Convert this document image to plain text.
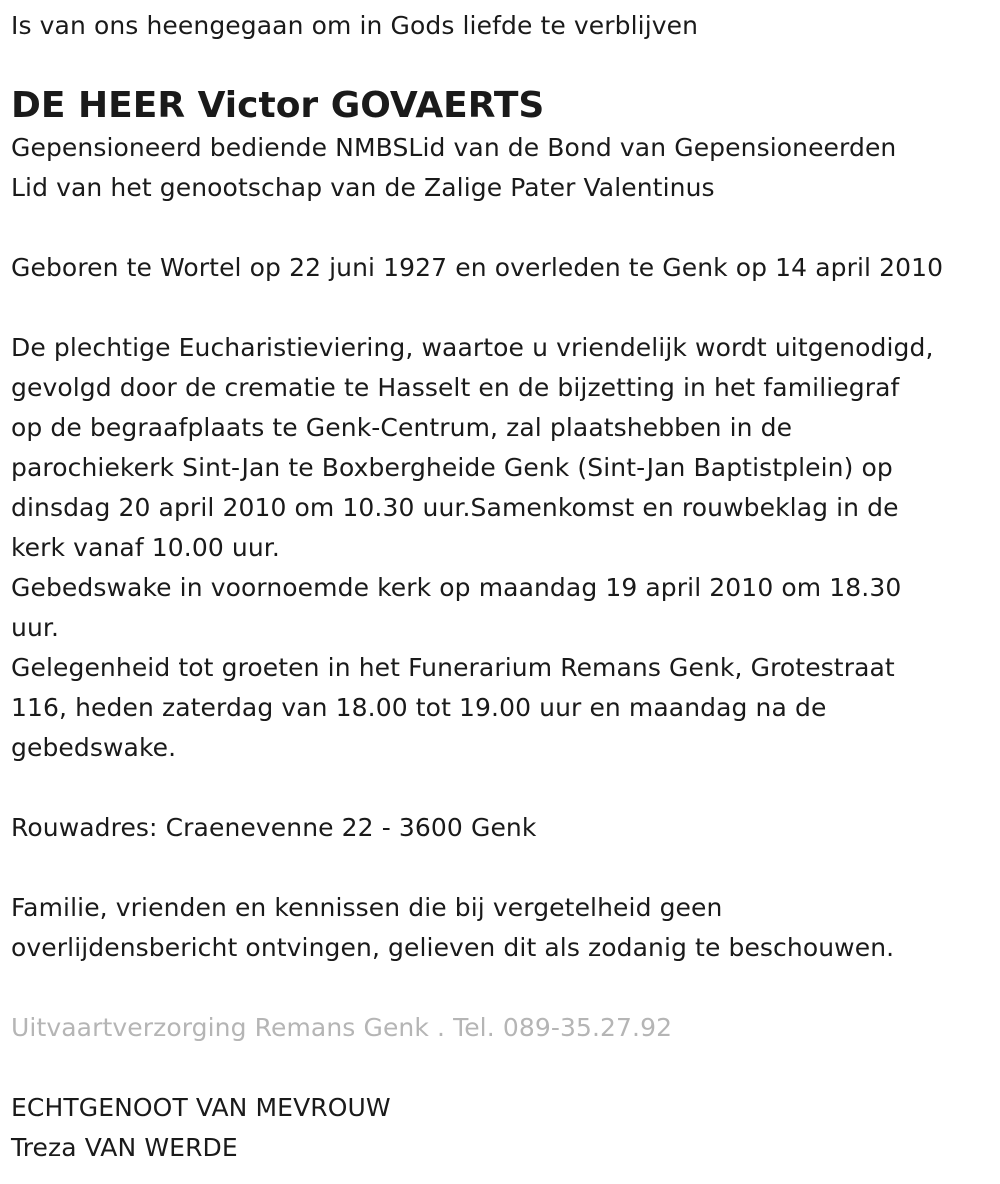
Is van ons heengegaan om in Gods liefde te verblijven

DE HEER Victor GOVAERTS

Gepensioneerd bediende NMBSLid van de Bond van Gepensioneerden

Lid van het genootschap van de Zalige Pater Valentinus

Geboren te Wortel op 22 juni 1927 en overleden te Genk op 14 april 2010

De plechtige Eucharistieviering, waartoe u vriendelijk wordt uitgenodigd,

gevolgd door de crematie te Hasselt en de bijzetting in het familiegraf

op de begraafplaats te Genk-Centrum, zal plaatshebben in de

parochiekerk Sint-Jan te Boxbergheide Genk (Sint-Jan Baptistplein) op

dinsdag 20 april 2010 om 10.30 uur.Samenkomst en rouwbeklag in de

kerk vanaf 10.00 uur.

Gebedswake in voornoemde kerk op maandag 19 april 2010 om 18.30

uur.

Gelegenheid tot groeten in het Funerarium Remans Genk, Grotestraat

116, heden zaterdag van 18.00 tot 19.00 uur en maandag na de

gebedswake.

Rouwadres: Craenevenne 22 - 3600 Genk

Familie, vrienden en kennissen die bij vergetelheid geen

overlijdensbericht ontvingen, gelieven dit als zodanig te beschouwen.

Uitvaartverzorging Remans Genk . Tel. 089-35.27.92

ECHTGENOOT VAN MEVROUW

Treza VAN WERDE
